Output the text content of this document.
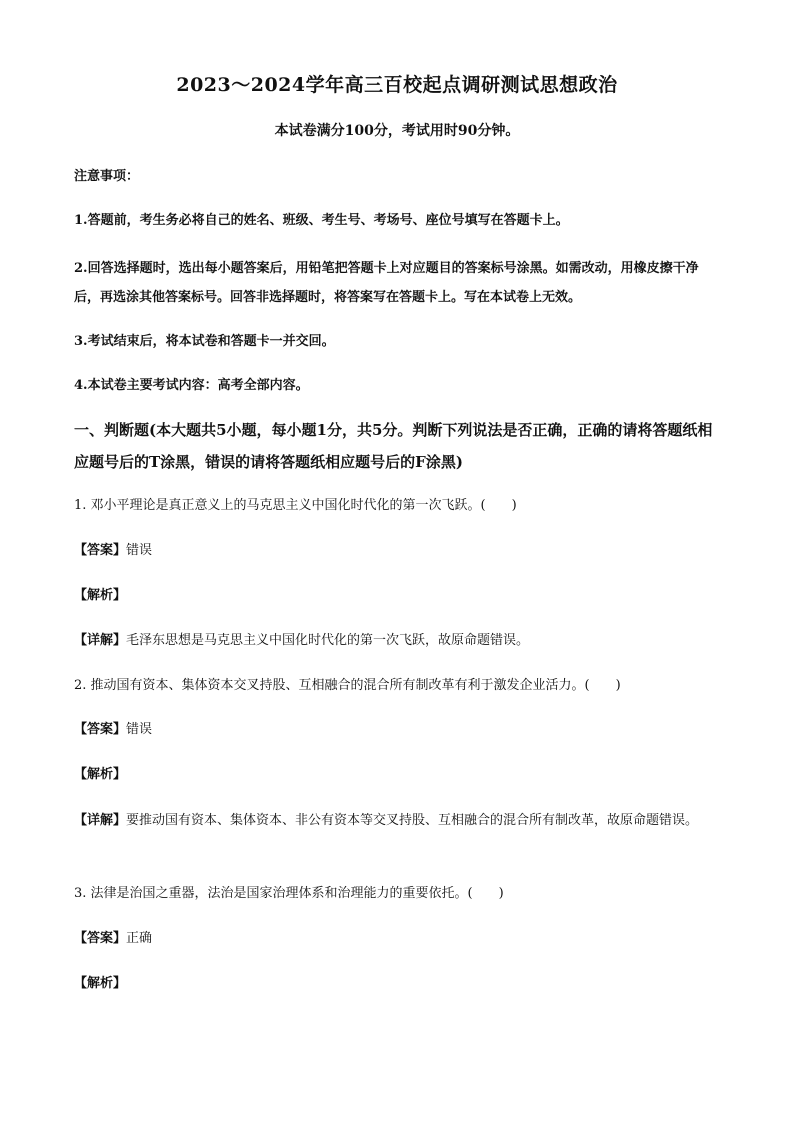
2023～2024学年高三百校起点调研测试思想政治
本试卷满分100分，考试用时90分钟。
注意事项：
1.答题前，考生务必将自己的姓名、班级、考生号、考场号、座位号填写在答题卡上。
2.回答选择题时，选出每小题答案后，用铅笔把答题卡上对应题目的答案标号涂黑。如需改动，用橡皮擦干净后，再选涂其他答案标号。回答非选择题时，将答案写在答题卡上。写在本试卷上无效。
3.考试结束后，将本试卷和答题卡一并交回。
4.本试卷主要考试内容：高考全部内容。
一、判断题(本大题共5小题，每小题1分，共5分。判断下列说法是否正确，正确的请将答题纸相应题号后的T涂黑，错误的请将答题纸相应题号后的F涂黑)
1. 邓小平理论是真正意义上的马克思主义中国化时代化的第一次飞跃。(　　)
【答案】错误
【解析】
【详解】毛泽东思想是马克思主义中国化时代化的第一次飞跃，故原命题错误。
2. 推动国有资本、集体资本交叉持股、互相融合的混合所有制改革有利于激发企业活力。(　　)
【答案】错误
【解析】
【详解】要推动国有资本、集体资本、非公有资本等交叉持股、互相融合的混合所有制改革，故原命题错误。
3. 法律是治国之重器，法治是国家治理体系和治理能力的重要依托。(　　)
【答案】正确
【解析】
